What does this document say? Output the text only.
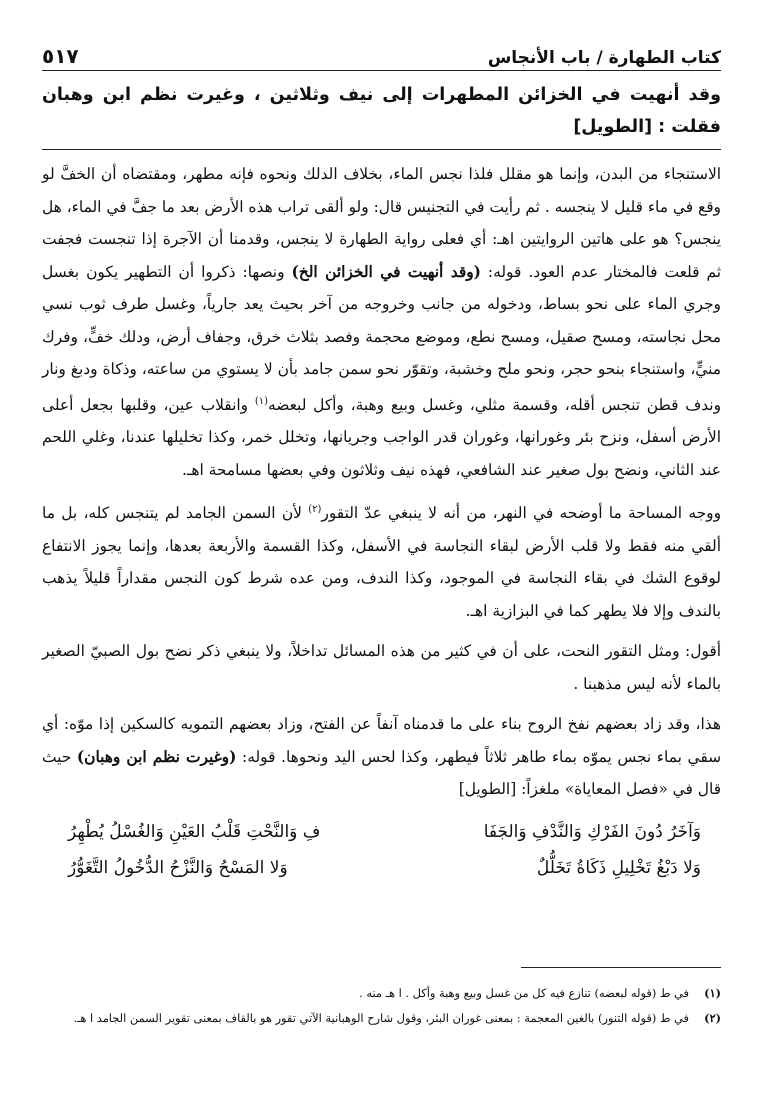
كتاب الطهارة / باب الأنجاس
٥١٧
وقد أنهيت في الخزائن المطهرات إلى نيف وثلاثين ، وغيرت نظم ابن وهبان فقلت : [الطويل]

الاستنجاء من البدن، وإنما هو مقلل فلذا نجس الماء، بخلاف الدلك ونحوه فإنه مطهر، ومقتضاه أن الخفَّ لو وقع في ماء قليل لا ينجسه . ثم رأيت في التجنيس قال: ولو ألقى تراب هذه الأرض بعد ما جفَّ في الماء، هل ينجس؟ هو على هاتين الروايتين اهـ: أي فعلى رواية الطهارة لا ينجس، وقدمنا أن الآجرة إذا تنجست فجفت ثم قلعت فالمختار عدم العود. قوله: (وقد أنهيت في الخزائن الخ) ونصها: ذكروا أن التطهير يكون بغسل وجري الماء على نحو بساط، ودخوله من جانب وخروجه من آخر بحيث يعد جارياً، وغسل طرف ثوب نسي محل نجاسته، ومسح صقيل، ومسح نطع، وموضع محجمة وفصد بثلاث خرق، وجفاف أرض، ودلك خفٍّ، وفرك منيٍّ، واستنجاء بنحو حجر، ونحو ملح وخشبة، وتقوّر نحو سمن جامد بأن لا يستوي من ساعته، وذكاة ودبغ ونار وندف قطن تنجس أقله، وقسمة مثلي، وغسل وبيع وهبة، وأكل لبعضه$^{(١)}$ وانقلاب عين، وقلبها بجعل أعلى الأرض أسفل، ونزح بئر وغورانها، وغوران قدر الواجب وجريانها، وتخلل خمر، وكذا تخليلها عندنا، وغلي اللحم عند الثاني، ونضح بول صغير عند الشافعي، فهذه نيف وثلاثون وفي بعضها مسامحة اهـ.

ووجه المساحة ما أوضحه في النهر، من أنه لا ينبغي عدّ التقور$^{(٢)}$ لأن السمن الجامد لم يتنجس كله، بل ما ألقي منه فقط ولا قلب الأرض لبقاء النجاسة في الأسفل، وكذا القسمة والأربعة بعدها، وإنما يجوز الانتفاع لوقوع الشك في بقاء النجاسة في الموجود، وكذا الندف، ومن عده شرط كون النجس مقداراً قليلاً يذهب بالندف وإلا فلا يطهر كما في البزازية اهـ.

أقول: ومثل التقور النحت، على أن في كثير من هذه المسائل تداخلاً، ولا ينبغي ذكر نضح بول الصبيّ الصغير بالماء لأنه ليس مذهبنا .

هذا، وقد زاد بعضهم نفخ الروح بناء على ما قدمناه آنفاً عن الفتح، وزاد بعضهم التمويه كالسكين إذا موّه: أي سقي بماء نجس يموّه بماء طاهر ثلاثاً فيطهر، وكذا لحس اليد ونحوها. قوله: (وغيرت نظم ابن وهبان) حيث قال في «فصل المعاياة» ملغزاً: [الطويل]

وَآخَرُ دُونَ الفَرْكِ وَالنَّدْفِ وَالجَفَا
فِ وَالنَّحْتِ قَلْبُ العَيْنِ وَالغُسْلُ يُطْهِرُ
وَلا دَبْغُ تَخْلِيلِ ذَكَاةُ تَخَلُّلٌ
وَلا المَسْحُ وَالنَّزْحُ الدُّخُولُ التَّغَوُّرُ
(١)
في ط (قوله لبعضه) تنازع فيه كل من غسل وبيع وهبة وأكل . ا هـ منه .
(٢)
في ط (قوله التنور) بالغين المعجمة : بمعنى غوران البئر، وقول شارح الوهبانية الآتي تقور هو بالقاف بمعنى تقوير السمن الجامد ا هـ.
